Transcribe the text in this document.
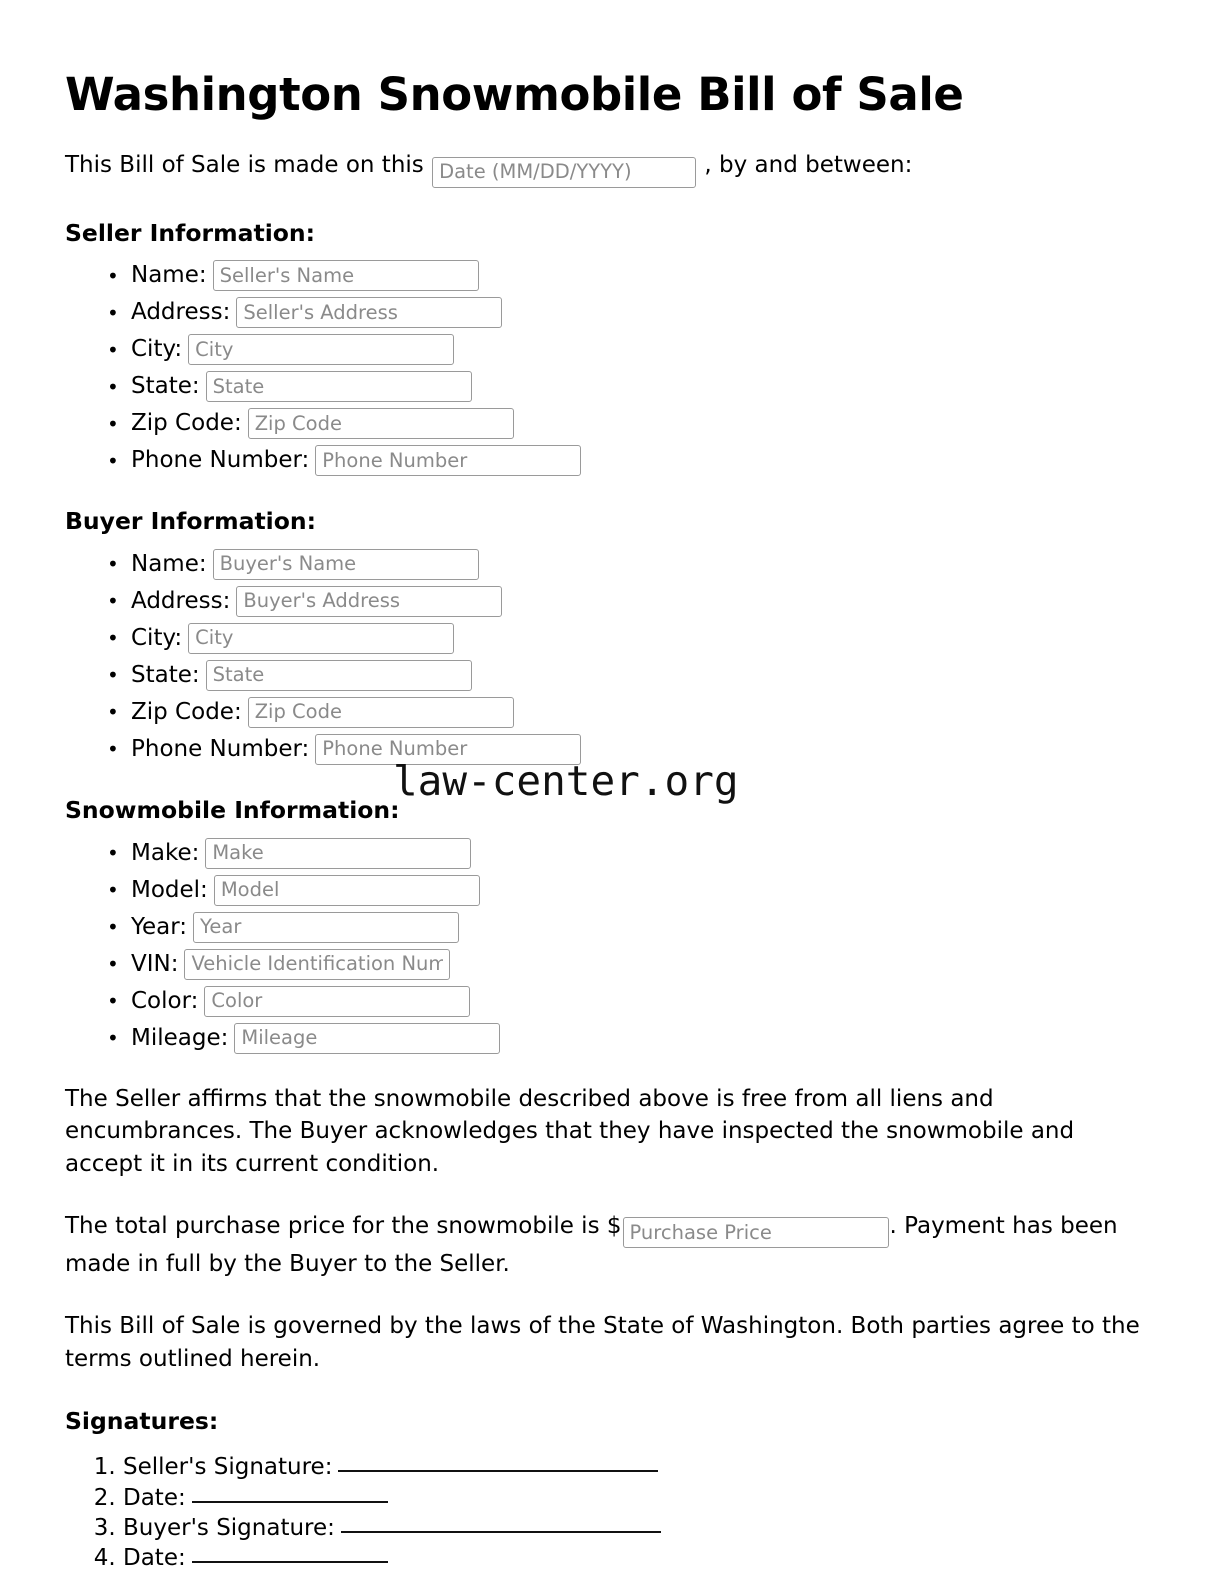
law-center.org
Washington Snowmobile Bill of Sale

This Bill of Sale is made on this Date (MM/DD/YYYY)	, by and between:

Seller Information:
• Name:
Seller's Name
• Address:
Seller's Address
• City:
City
• State:
State
• Zip Code:
Zip Code
• Phone Number:
Phone Number
Buyer Information:
• Name:
Buyer's Name
• Address:
Buyer's Address
• City:
City
• State:
State
• Zip Code:
Zip Code
• Phone Number:
Phone Number
Snowmobile Information:
• Make:
Make
• Model:
Model
• Year:
Year
• VIN:
Vehicle Identification Number
• Color:
Color
• Mileage:
Mileage

The Seller affirms that the snowmobile described above is free from all liens and encumbrances. The Buyer acknowledges that they have inspected the snowmobile and accept it in its current condition.

The total purchase price for the snowmobile is $Purchase Price	. Payment has been made in full by the Buyer to the Seller.

This Bill of Sale is governed by the laws of the State of Washington. Both parties agree to the terms outlined herein.

Signatures:
1. Seller's Signature:
2. Date:
3. Buyer's Signature:
4. Date:
